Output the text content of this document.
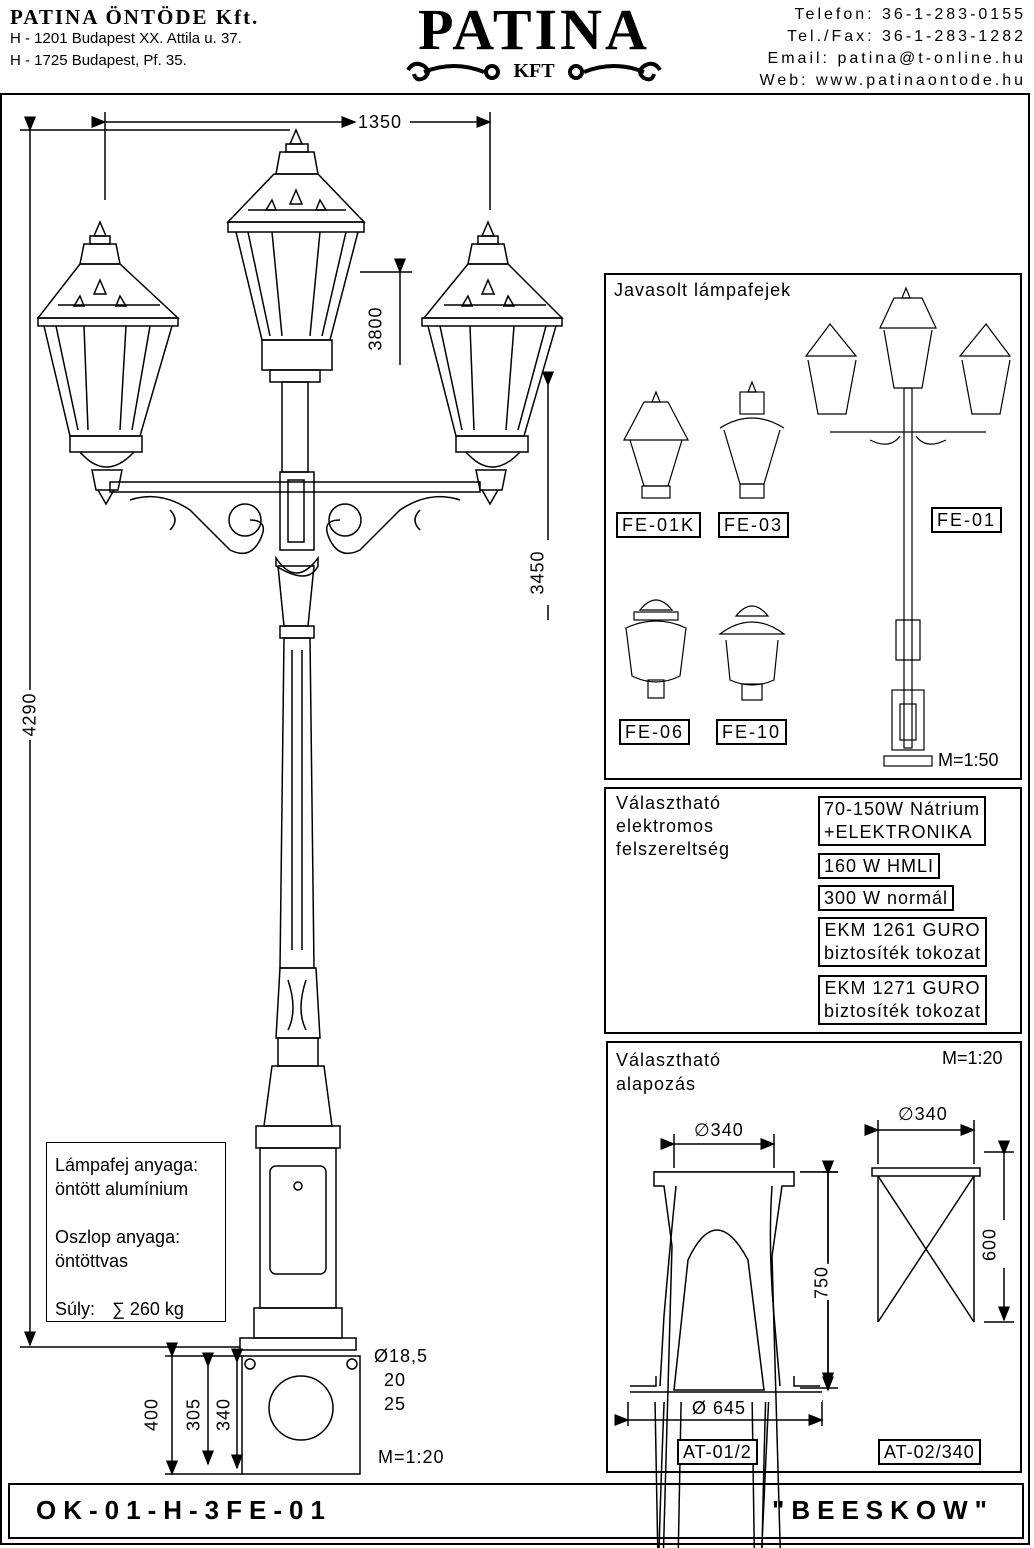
PATINA ÖNTÖDE Kft.
H - 1201 Budapest XX. Attila u. 37.
H - 1725 Budapest, Pf. 35.	PATINA
KFT
Telefon: 36-1-283-0155
Tel./Fax: 36-1-283-1282
Email: patina@t-online.hu
Web: www.patinaontode.hu
1350
4290
3800
3450
Ø18,5
20
25
400 305 340
M=1:20
Lámpafej anyaga:
öntött alumínium
Oszlop anyaga:
öntöttvas
Súly: ∑ 260 kg
Javasolt lámpafejek
FE-01K	FE-03	FE-01
FE-06	FE-10
M=1:50
Választható
elektromos
felszereltség
70-150W Nátrium
+ELEKTRONIKA
160 W HMLI
300 W normál
EKM 1261 GURO
biztosíték tokozat
EKM 1271 GURO
biztosíték tokozat
Választható
alapozás
M=1:20
∅340
750
Ø 645
AT-01/2
∅340
600
AT-02/340
OK-01-H-3FE-01	"BEESKOW"
